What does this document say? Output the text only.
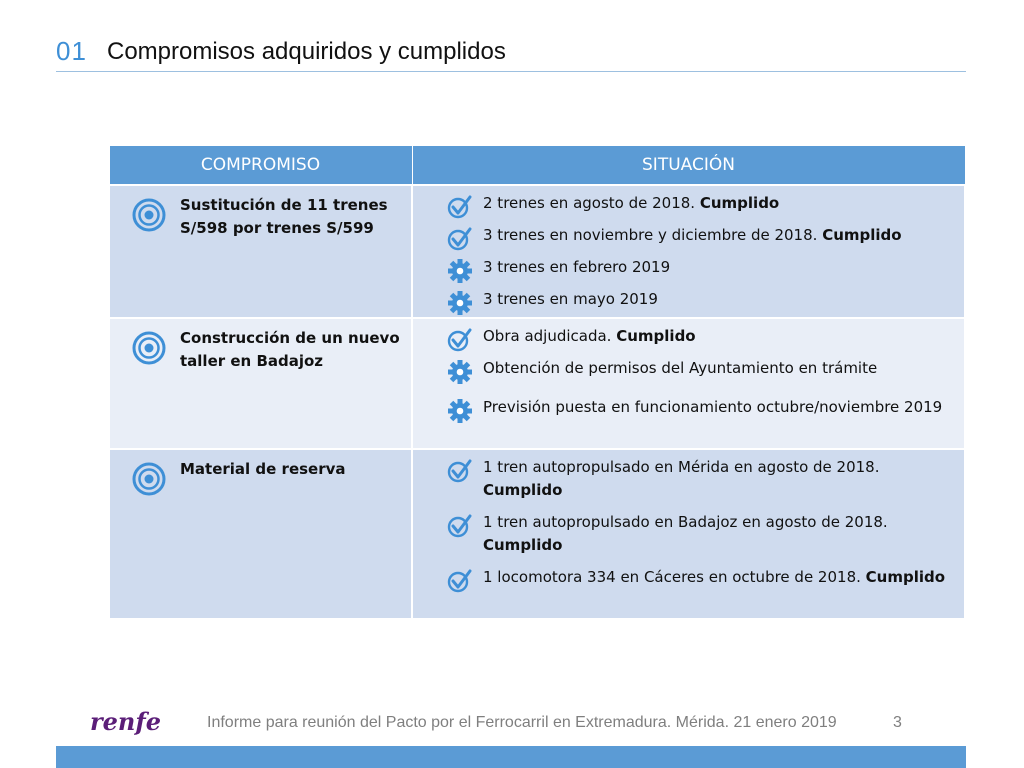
01 Compromisos adquiridos y cumplidos
COMPROMISO	SITUACIÓN

Sustitución de 11 trenes S/598 por trenes S/599	2 trenes en agosto de 2018. Cumplido
3 trenes en noviembre y diciembre de 2018. Cumplido
3 trenes en febrero 2019
3 trenes en mayo 2019

Construcción de un nuevo taller en Badajoz	Obra adjudicada. Cumplido
Obtención de permisos del Ayuntamiento en trámite
Previsión puesta en funcionamiento octubre/noviembre 2019

Material de reserva	1 tren autopropulsado en Mérida en agosto de 2018. Cumplido
1 tren autopropulsado en Badajoz en agosto de 2018. Cumplido
1 locomotora 334 en Cáceres en octubre de 2018. Cumplido
renfe	Informe para reunión del Pacto por el Ferrocarril en Extremadura. Mérida. 21 enero 2019	3
